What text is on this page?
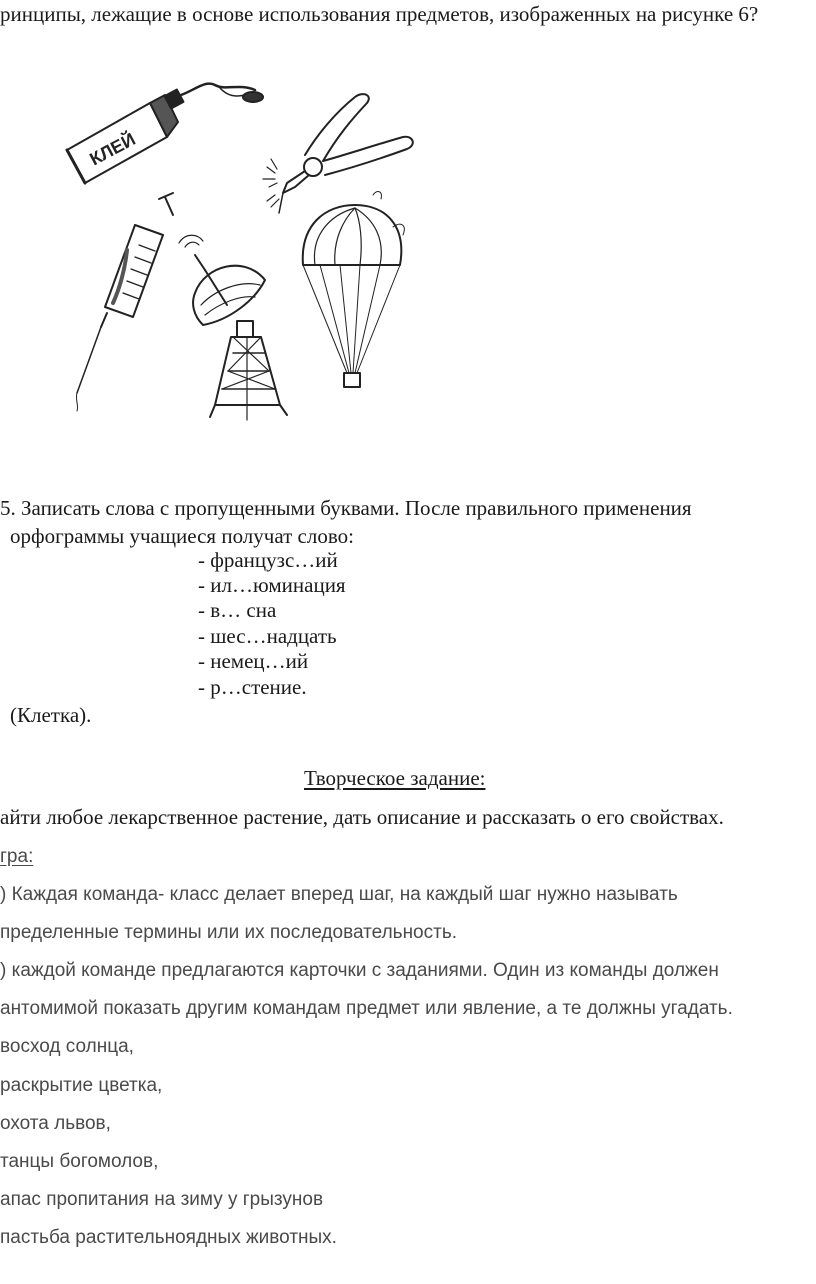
ринципы, лежащие в основе использования предметов, изображенных на рисунке 6?

КЛЕЙ

5. Записать слова с пропущенными буквами. После правильного применения

орфограммы учащиеся получат слово:

- французс…ий

- ил…юминация

- в… сна

- шес…надцать

- немец…ий

- р…стение.

(Клетка).

Творческое задание:

айти любое лекарственное растение, дать описание и рассказать о его свойствах.

гра:

) Каждая команда- класс делает вперед шаг, на каждый шаг нужно называть

пределенные термины или их последовательность.

) каждой команде предлагаются карточки с заданиями. Один из команды должен

антомимой показать другим командам предмет или явление, а те должны угадать.

восход солнца,

раскрытие цветка,

охота львов,

танцы богомолов,

апас пропитания на зиму у грызунов

пастьба растительноядных животных.
